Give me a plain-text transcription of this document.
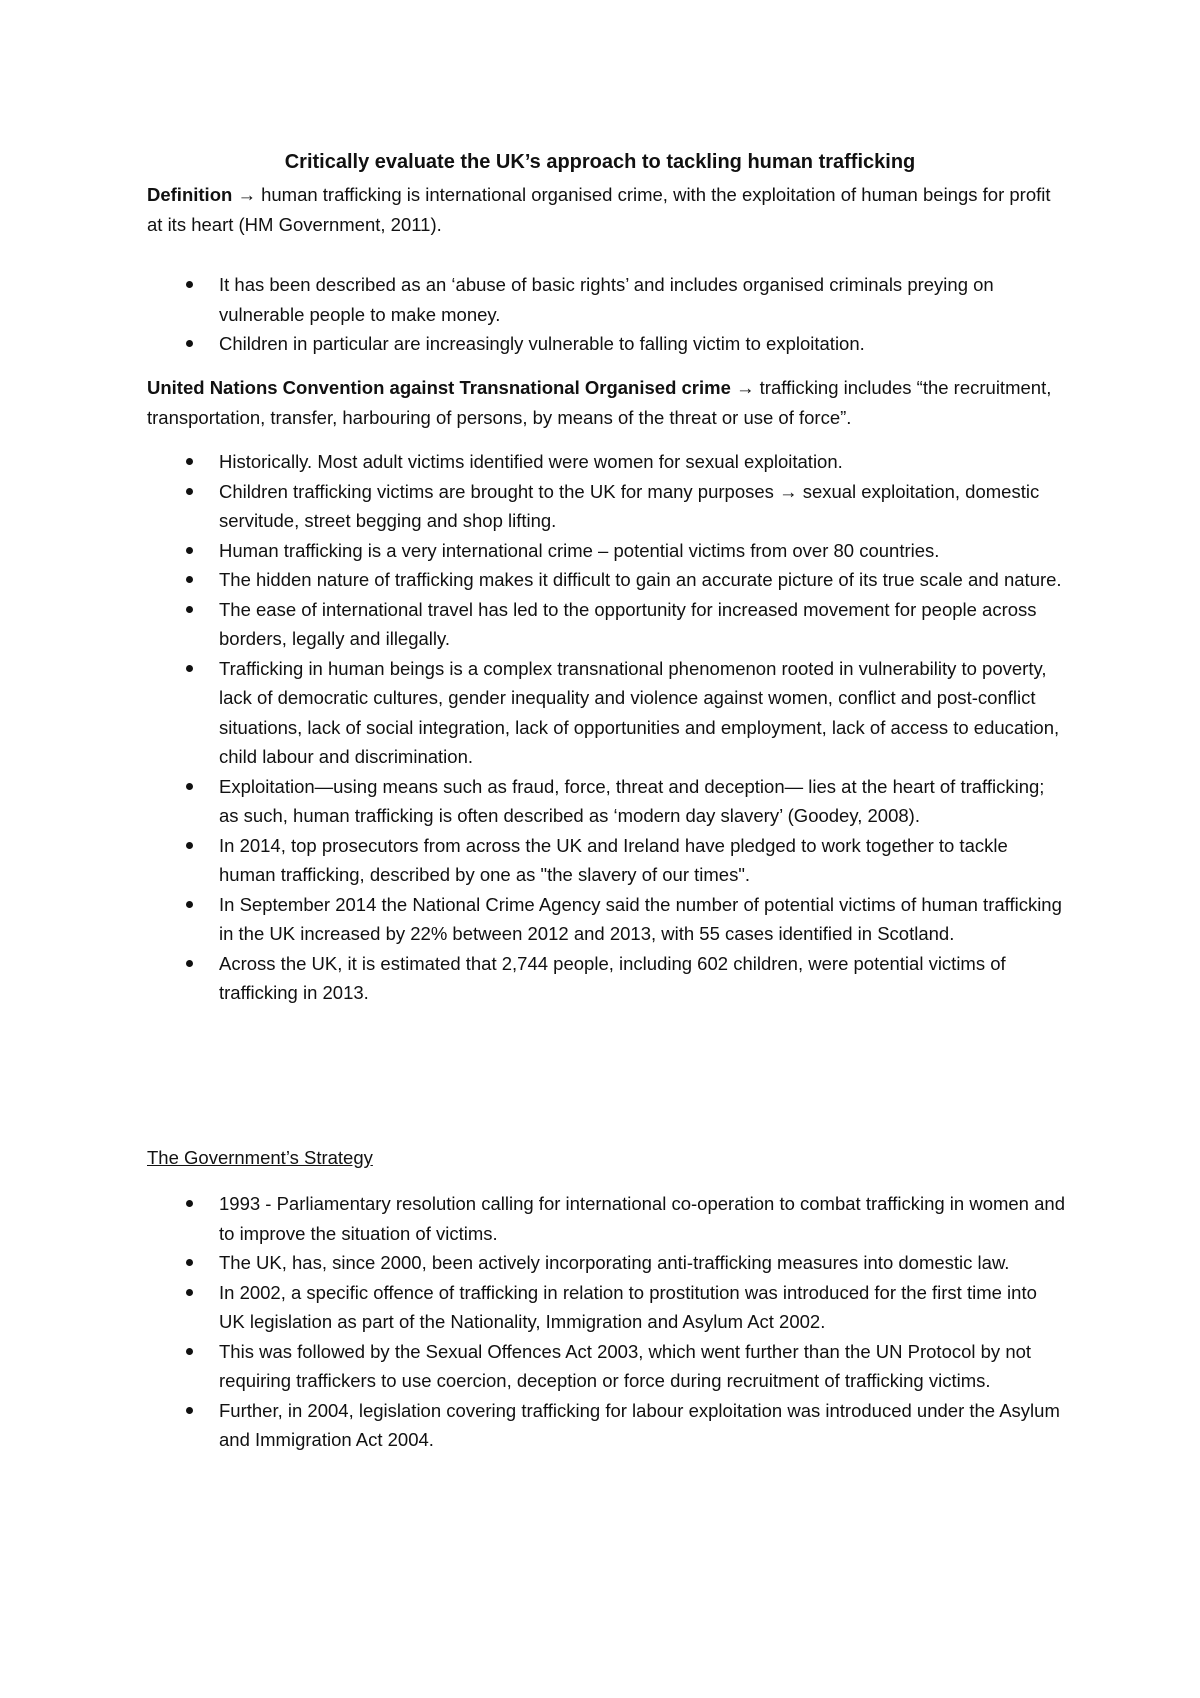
Critically evaluate the UK’s approach to tackling human trafficking

Definition → human trafficking is international organised crime, with the exploitation of human beings for profit at its heart (HM Government, 2011).

It has been described as an ‘abuse of basic rights’ and includes organised criminals preying on vulnerable people to make money.
Children in particular are increasingly vulnerable to falling victim to exploitation.

United Nations Convention against Transnational Organised crime → trafficking includes “the recruitment, transportation, transfer, harbouring of persons, by means of the threat or use of force”.

Historically. Most adult victims identified were women for sexual exploitation.
Children trafficking victims are brought to the UK for many purposes → sexual exploitation, domestic servitude, street begging and shop lifting.
Human trafficking is a very international crime – potential victims from over 80 countries.
The hidden nature of trafficking makes it difficult to gain an accurate picture of its true scale and nature.
The ease of international travel has led to the opportunity for increased movement for people across borders, legally and illegally.
Trafficking in human beings is a complex transnational phenomenon rooted in vulnerability to poverty, lack of democratic cultures, gender inequality and violence against women, conflict and post-conflict situations, lack of social integration, lack of opportunities and employment, lack of access to education, child labour and discrimination.
Exploitation—using means such as fraud, force, threat and deception— lies at the heart of trafficking; as such, human trafficking is often described as ‘modern day slavery’ (Goodey, 2008).
In 2014, top prosecutors from across the UK and Ireland have pledged to work together to tackle human trafficking, described by one as "the slavery of our times".
In September 2014 the National Crime Agency said the number of potential victims of human trafficking in the UK increased by 22% between 2012 and 2013, with 55 cases identified in Scotland.
Across the UK, it is estimated that 2,744 people, including 602 children, were potential victims of trafficking in 2013.

The Government’s Strategy

1993 - Parliamentary resolution calling for international co-operation to combat trafficking in women and to improve the situation of victims.
The UK, has, since 2000, been actively incorporating anti-trafficking measures into domestic law.
In 2002, a specific offence of trafficking in relation to prostitution was introduced for the first time into UK legislation as part of the Nationality, Immigration and Asylum Act 2002.
This was followed by the Sexual Offences Act 2003, which went further than the UN Protocol by not requiring traffickers to use coercion, deception or force during recruitment of trafficking victims.
Further, in 2004, legislation covering trafficking for labour exploitation was introduced under the Asylum and Immigration Act 2004.
